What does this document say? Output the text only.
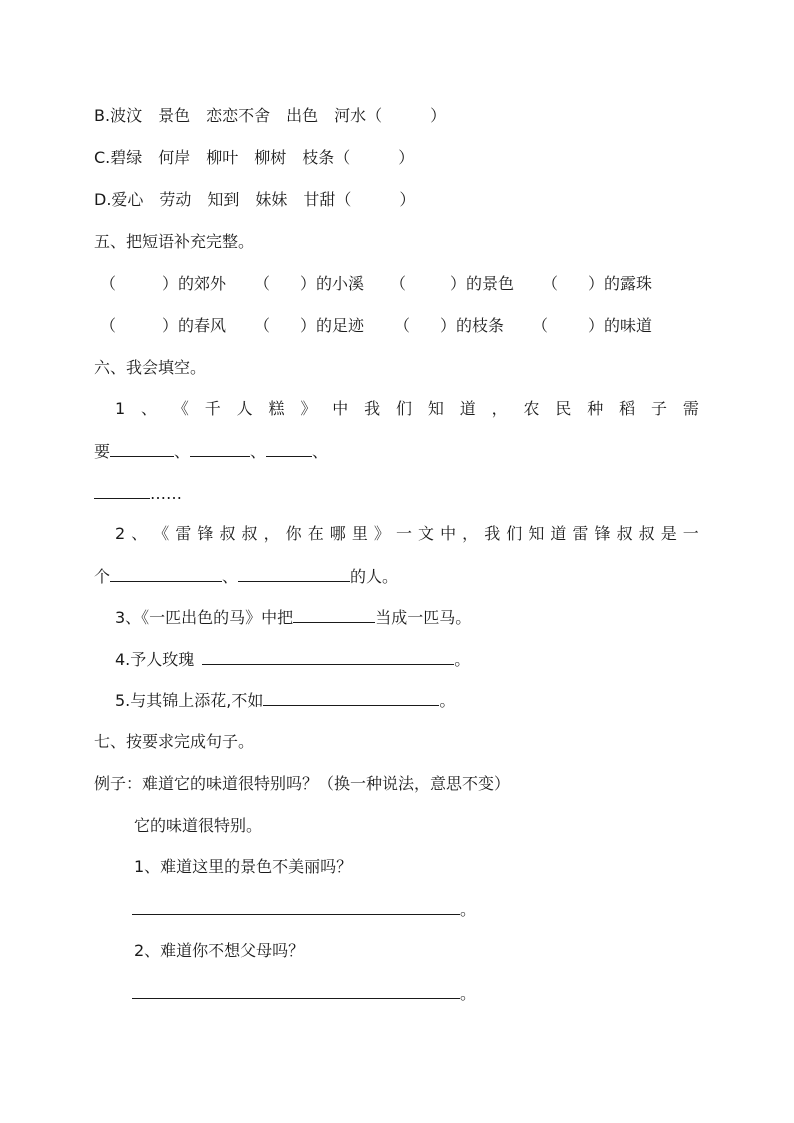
B.波汶　景色　恋恋不舍　出色　河水（　　　）
C.碧绿　何岸　柳叶　柳树　枝条（　　　）
D.爱心　劳动　知到　妹妹　甘甜（　　　）
五、把短语补充完整。
（	）的郊外 （ ）的小溪 （	）的景色 （ ）的露珠
（	）的春风 （ ）的足迹 （ ）的枝条 （ ）的味道
六、我会填空。
1 、 《 千 人 糕 》 中 我 们 知 道 ， 农 民 种 稻 子 需
要	、	、	、
……
2 、 《 雷 锋 叔 叔 ， 你 在 哪 里 》 一 文 中 ， 我 们 知 道 雷 锋 叔 叔 是 一
个	、	的人。
3、《一匹出色的马》中把	当成一匹马。
4.予人玫瑰	。
5.与其锦上添花,不如	。
七、按要求完成句子。
例子：难道它的味道很特别吗？（换一种说法，意思不变）
它的味道很特别。
1、难道这里的景色不美丽吗？
。
2、难道你不想父母吗？
。
